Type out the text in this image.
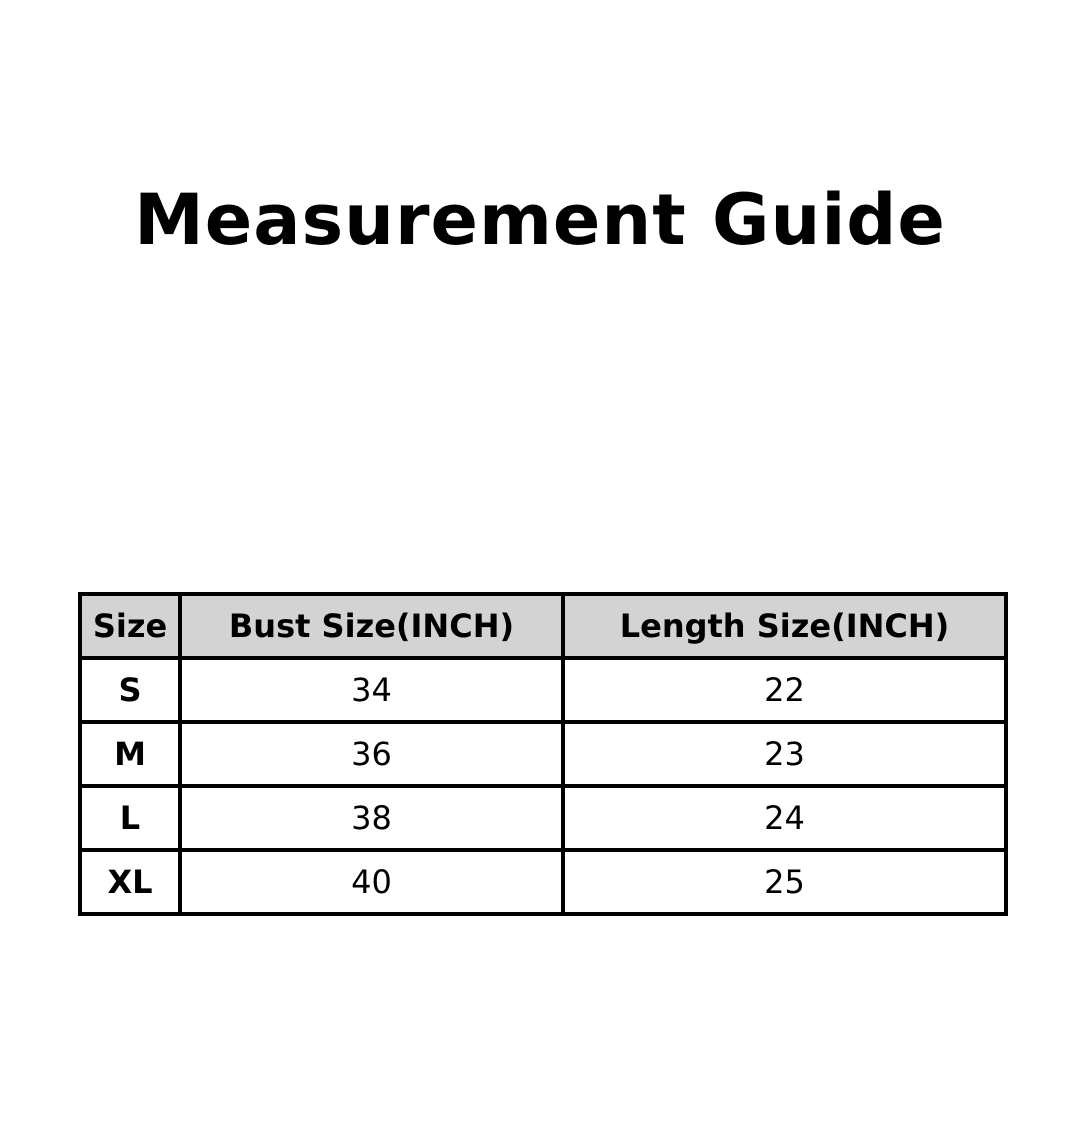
Measurement Guide
Size	Bust Size(INCH)	Length Size(INCH)
S	34	22
M	36	23
L	38	24
XL	40	25
